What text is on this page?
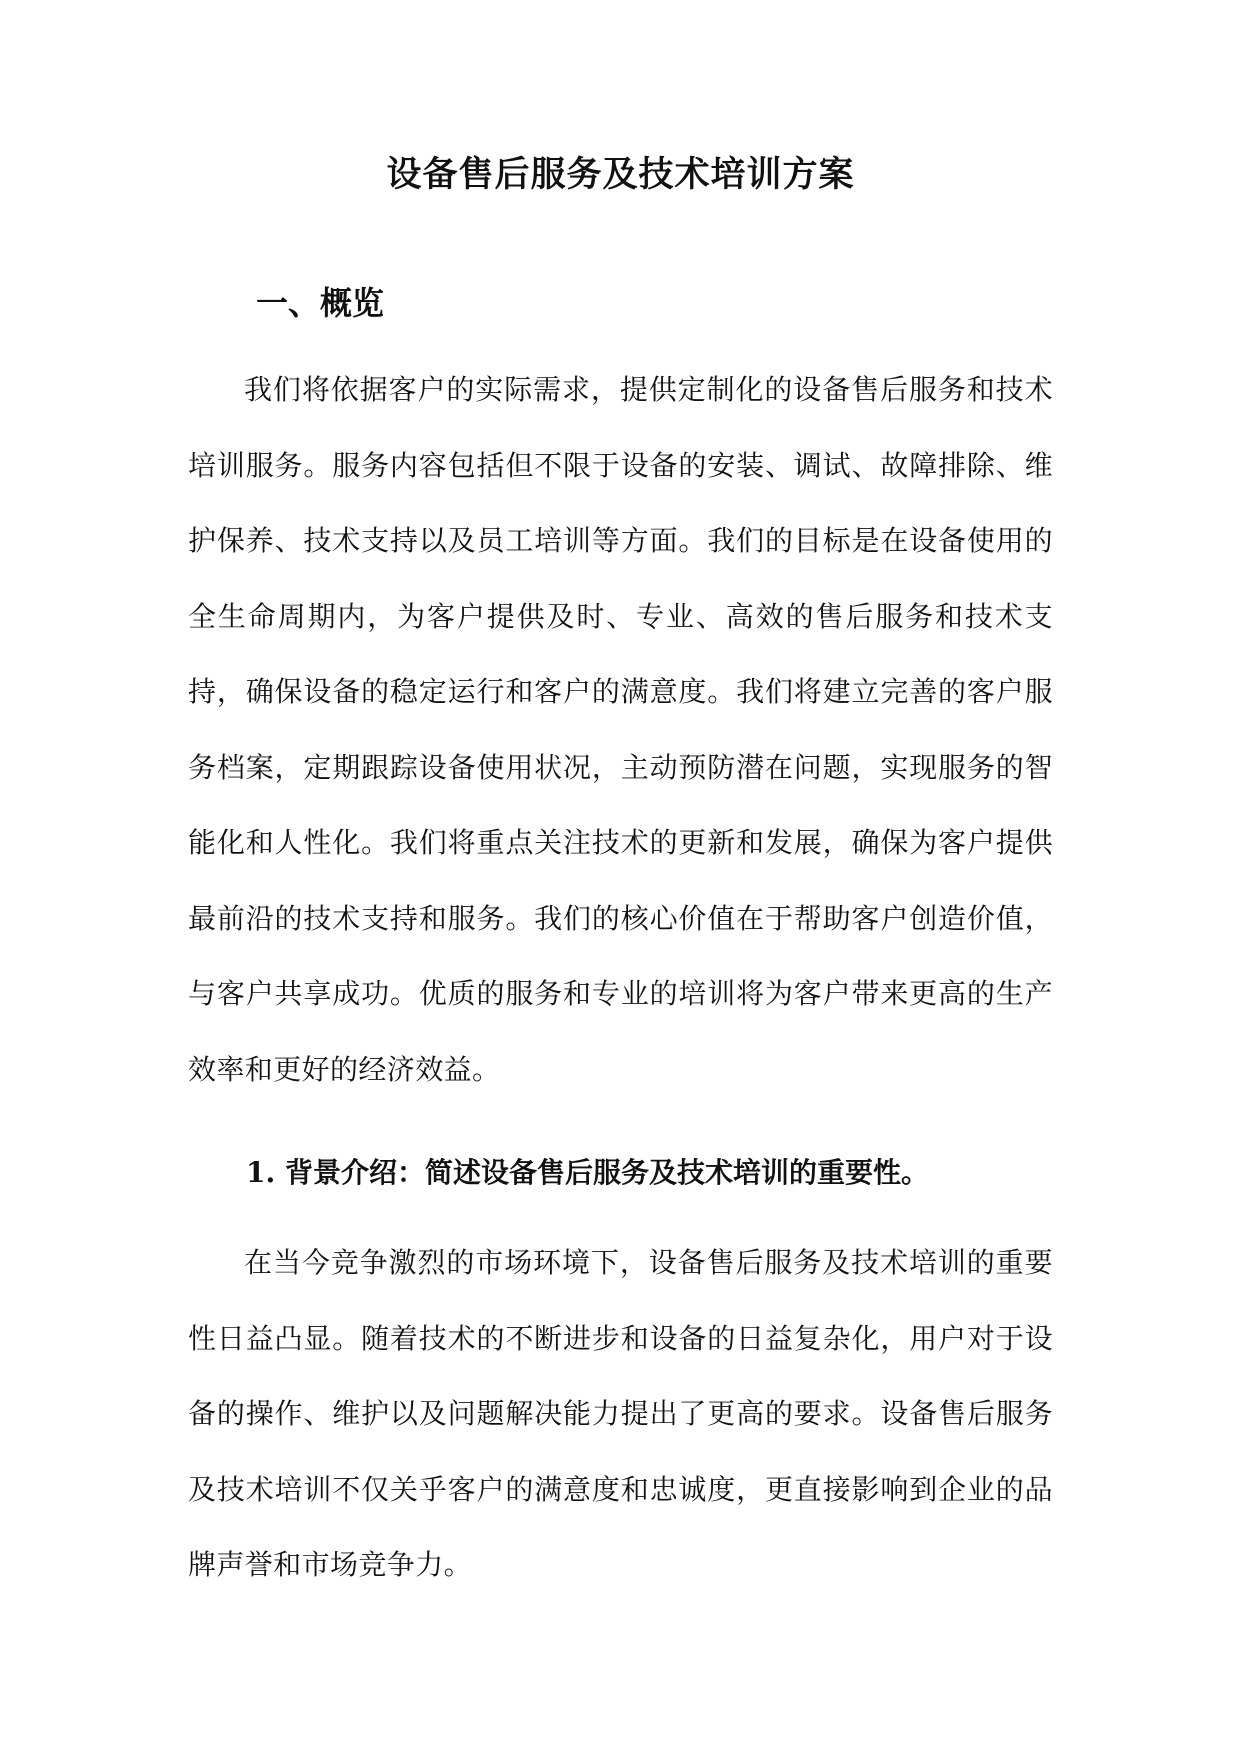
设备售后服务及技术培训方案
一、概览
我们将依据客户的实际需求，提供定制化的设备售后服务和技术培训服务。服务内容包括但不限于设备的安装、调试、故障排除、维护保养、技术支持以及员工培训等方面。我们的目标是在设备使用的全生命周期内，为客户提供及时、专业、高效的售后服务和技术支持，确保设备的稳定运行和客户的满意度。我们将建立完善的客户服务档案，定期跟踪设备使用状况，主动预防潜在问题，实现服务的智能化和人性化。我们将重点关注技术的更新和发展，确保为客户提供最前沿的技术支持和服务。我们的核心价值在于帮助客户创造价值，与客户共享成功。优质的服务和专业的培训将为客户带来更高的生产效率和更好的经济效益。
1. 背景介绍：简述设备售后服务及技术培训的重要性。
在当今竞争激烈的市场环境下，设备售后服务及技术培训的重要性日益凸显。随着技术的不断进步和设备的日益复杂化，用户对于设备的操作、维护以及问题解决能力提出了更高的要求。设备售后服务及技术培训不仅关乎客户的满意度和忠诚度，更直接影响到企业的品牌声誉和市场竞争力。
